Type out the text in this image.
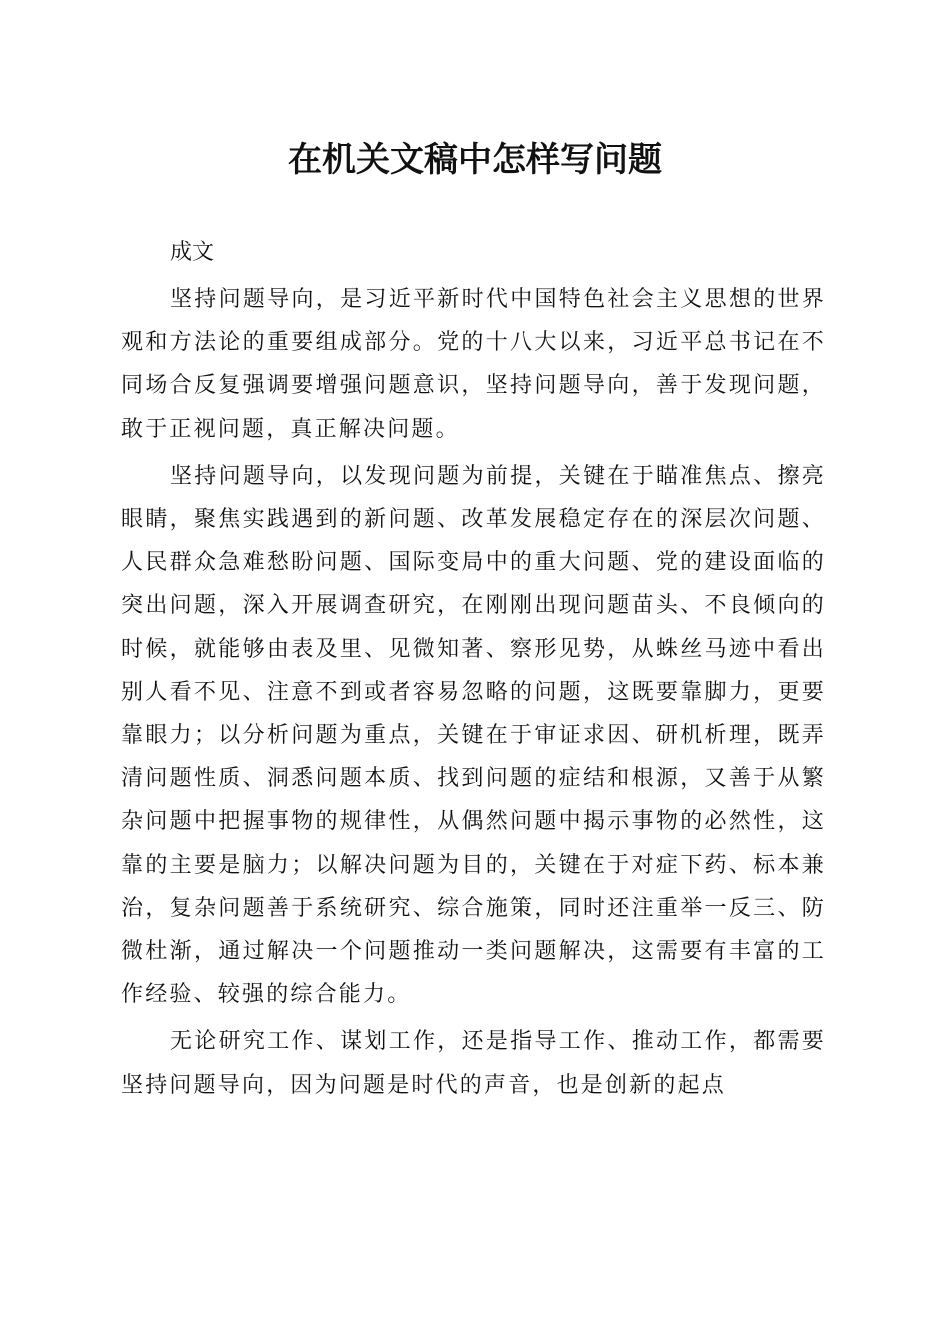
在机关文稿中怎样写问题

成文

坚持问题导向，是习近平新时代中国特色社会主义思想的世界观和方法论的重要组成部分。党的十八大以来，习近平总书记在不同场合反复强调要增强问题意识，坚持问题导向，善于发现问题，敢于正视问题，真正解决问题。

坚持问题导向，以发现问题为前提，关键在于瞄准焦点、擦亮眼睛，聚焦实践遇到的新问题、改革发展稳定存在的深层次问题、人民群众急难愁盼问题、国际变局中的重大问题、党的建设面临的突出问题，深入开展调查研究，在刚刚出现问题苗头、不良倾向的时候，就能够由表及里、见微知著、察形见势，从蛛丝马迹中看出别人看不见、注意不到或者容易忽略的问题，这既要靠脚力，更要靠眼力；以分析问题为重点，关键在于审证求因、研机析理，既弄清问题性质、洞悉问题本质、找到问题的症结和根源，又善于从繁杂问题中把握事物的规律性，从偶然问题中揭示事物的必然性，这靠的主要是脑力；以解决问题为目的，关键在于对症下药、标本兼治，复杂问题善于系统研究、综合施策，同时还注重举一反三、防微杜渐，通过解决一个问题推动一类问题解决，这需要有丰富的工作经验、较强的综合能力。

无论研究工作、谋划工作，还是指导工作、推动工作，都需要坚持问题导向，因为问题是时代的声音，也是创新的起点
